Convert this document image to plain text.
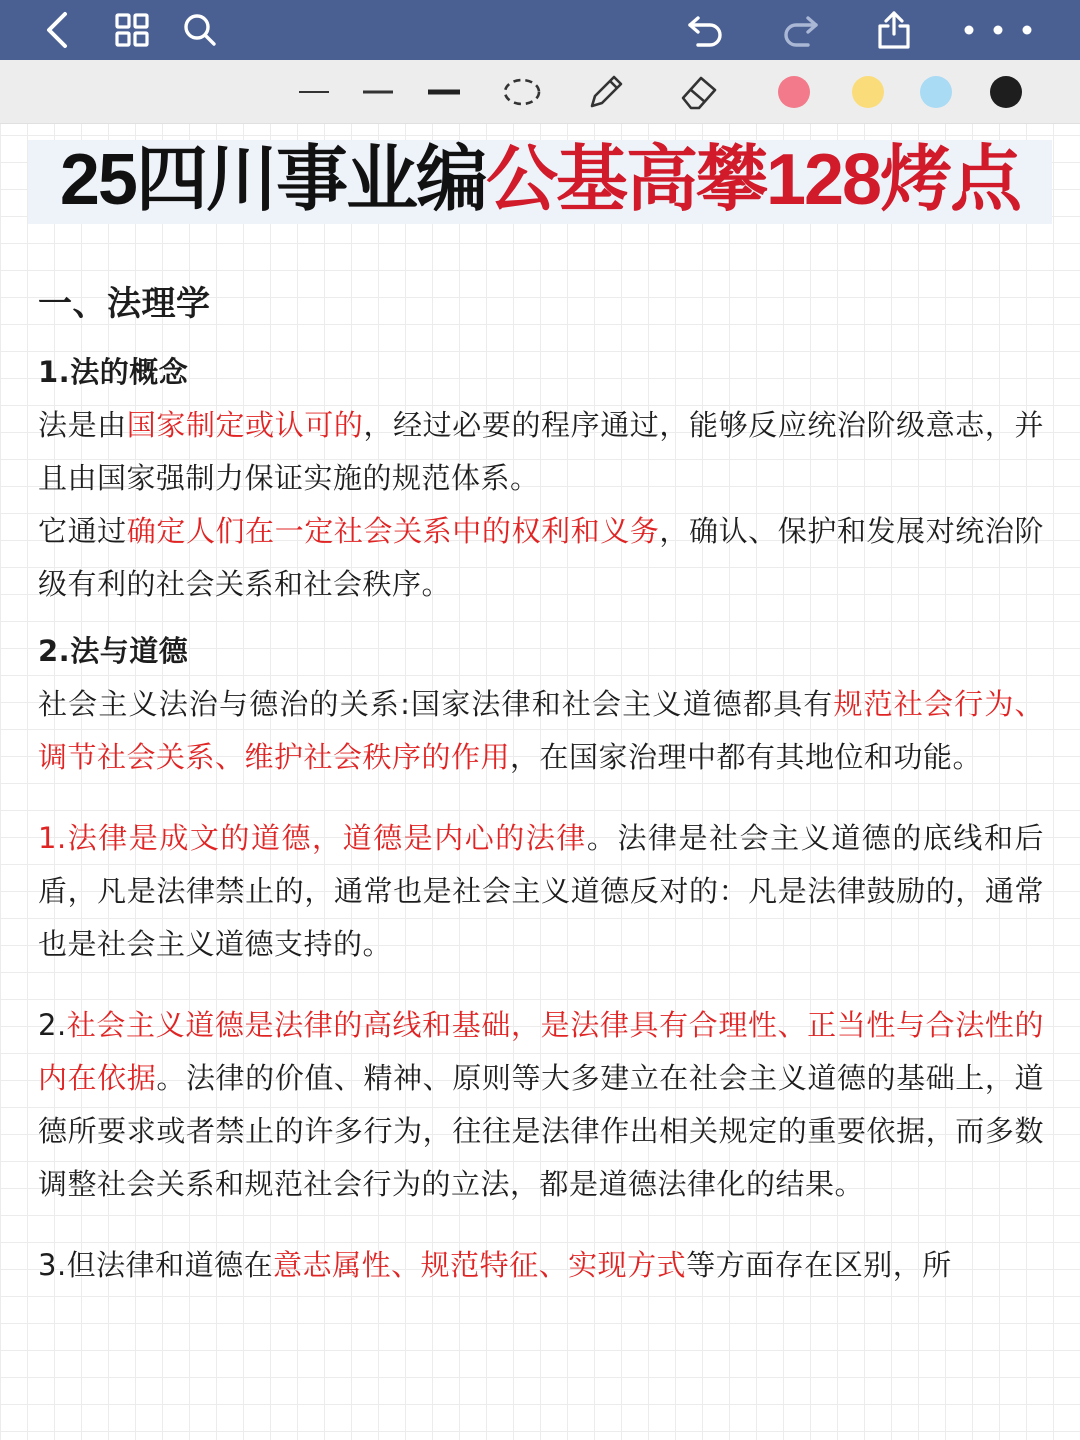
25四川事业编公基高攀128烤点
一、法理学

1.法的概念

法是由国家制定或认可的，经过必要的程序通过，能够反应统治阶级意志，并且由国家强制力保证实施的规范体系。

它通过确定人们在一定社会关系中的权利和义务，确认、保护和发展对统治阶级有利的社会关系和社会秩序。

2.法与道德

社会主义法治与德治的关系:国家法律和社会主义道德都具有规范社会行为、调节社会关系、维护社会秩序的作用，在国家治理中都有其地位和功能。

1.法律是成文的道德，道德是内心的法律。法律是社会主义道德的底线和后盾，凡是法律禁止的，通常也是社会主义道德反对的：凡是法律鼓励的，通常也是社会主义道德支持的。

2.社会主义道德是法律的高线和基础，是法律具有合理性、正当性与合法性的内在依据。法律的价值、精神、原则等大多建立在社会主义道德的基础上，道德所要求或者禁止的许多行为，往往是法律作出相关规定的重要依据，而多数调整社会关系和规范社会行为的立法，都是道德法律化的结果。

3.但法律和道德在意志属性、规范特征、实现方式等方面存在区别，所
